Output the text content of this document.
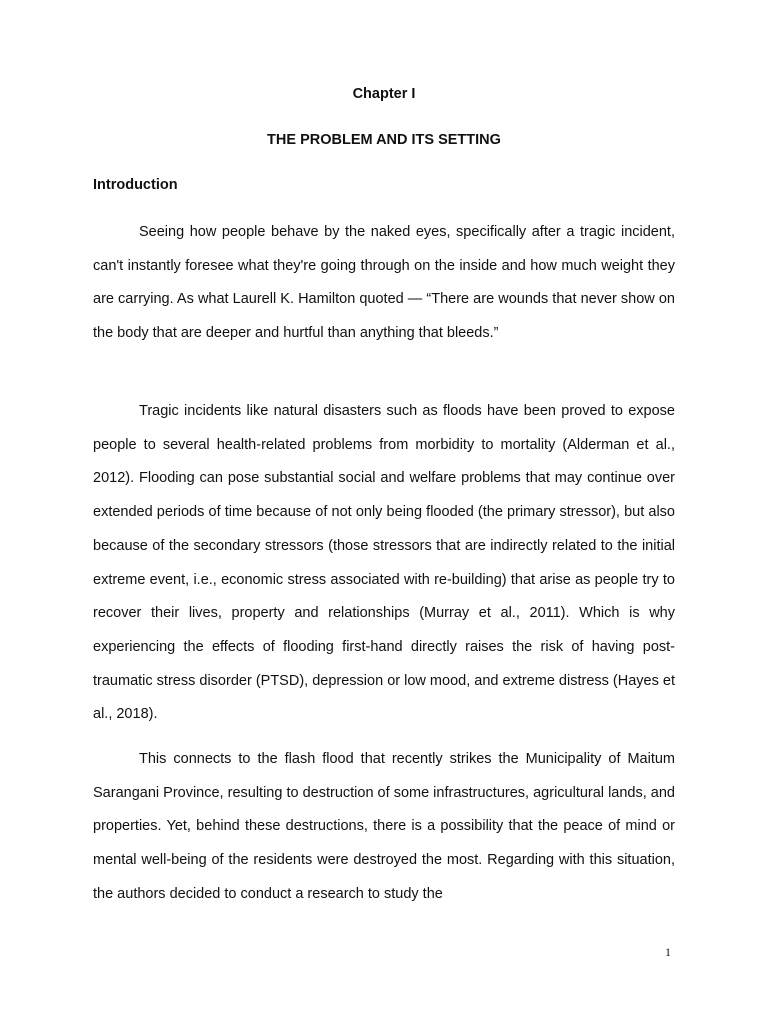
Chapter I
THE PROBLEM AND ITS SETTING
Introduction

Seeing how people behave by the naked eyes, specifically after a tragic incident, can't instantly foresee what they're going through on the inside and how much weight they are carrying. As what Laurell K. Hamilton quoted — “There are wounds that never show on the body that are deeper and hurtful than anything that bleeds.”

Tragic incidents like natural disasters such as floods have been proved to expose people to several health-related problems from morbidity to mortality (Alderman et al., 2012). Flooding can pose substantial social and welfare problems that may continue over extended periods of time because of not only being flooded (the primary stressor), but also because of the secondary stressors (those stressors that are indirectly related to the initial extreme event, i.e., economic stress associated with re-building) that arise as people try to recover their lives, property and relationships (Murray et al., 2011). Which is why experiencing the effects of flooding first-hand directly raises the risk of having post-traumatic stress disorder (PTSD), depression or low mood, and extreme distress (Hayes et al., 2018).

This connects to the flash flood that recently strikes the Municipality of Maitum Sarangani Province, resulting to destruction of some infrastructures, agricultural lands, and properties. Yet, behind these destructions, there is a possibility that the peace of mind or mental well-being of the residents were destroyed the most. Regarding with this situation, the authors decided to conduct a research to study the

1
